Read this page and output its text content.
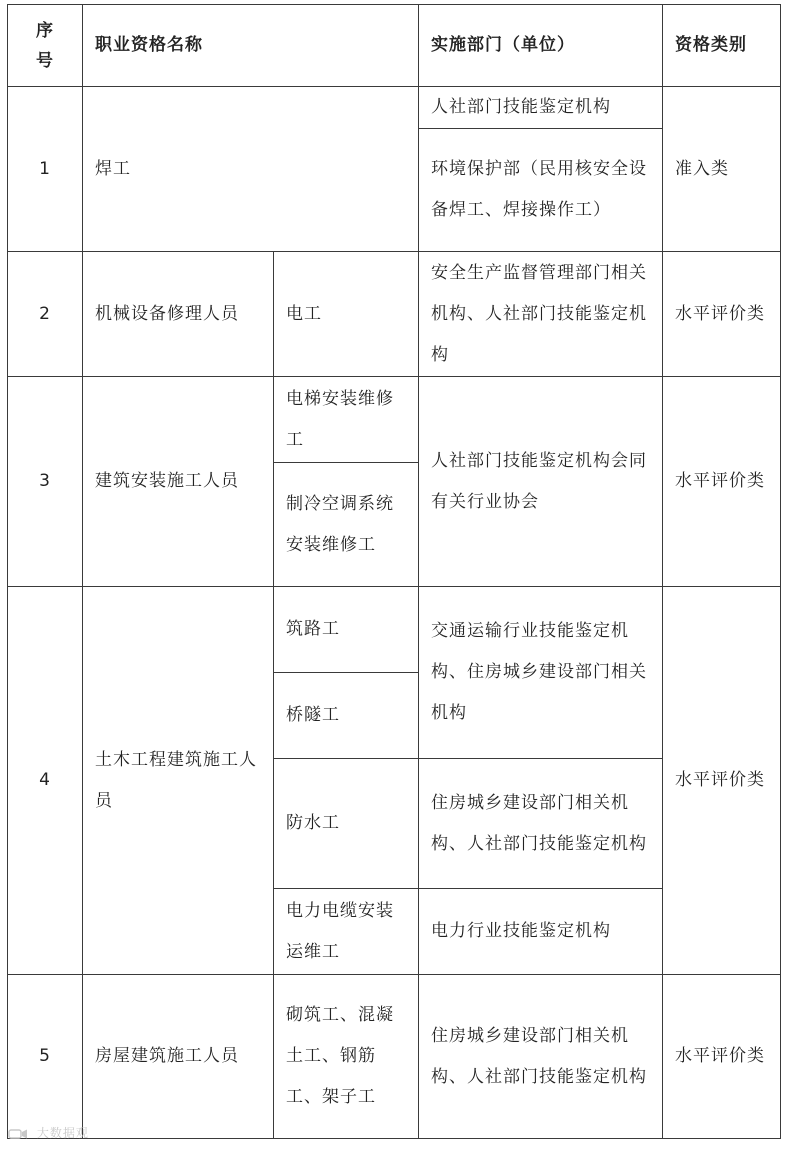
序
号	职业资格名称		实施部门（单位）	资格类别
1	焊工		人社部门技能鉴定机构	准入类
			环境保护部（民用核安全设备焊工、焊接操作工）	
2	机械设备修理人员	电工	安全生产监督管理部门相关机构、人社部门技能鉴定机构	水平评价类
3	建筑安装施工人员	电梯安装维修工	人社部门技能鉴定机构会同有关行业协会	水平评价类
		制冷空调系统安装维修工		
4	土木工程建筑施工人员	筑路工	交通运输行业技能鉴定机构、住房城乡建设部门相关机构	水平评价类
		桥隧工		
		防水工	住房城乡建设部门相关机构、人社部门技能鉴定机构	
		电力电缆安装运维工	电力行业技能鉴定机构	
5	房屋建筑施工人员	砌筑工、混凝土工、钢筋工、架子工	住房城乡建设部门相关机构、人社部门技能鉴定机构	水平评价类
大数据观
